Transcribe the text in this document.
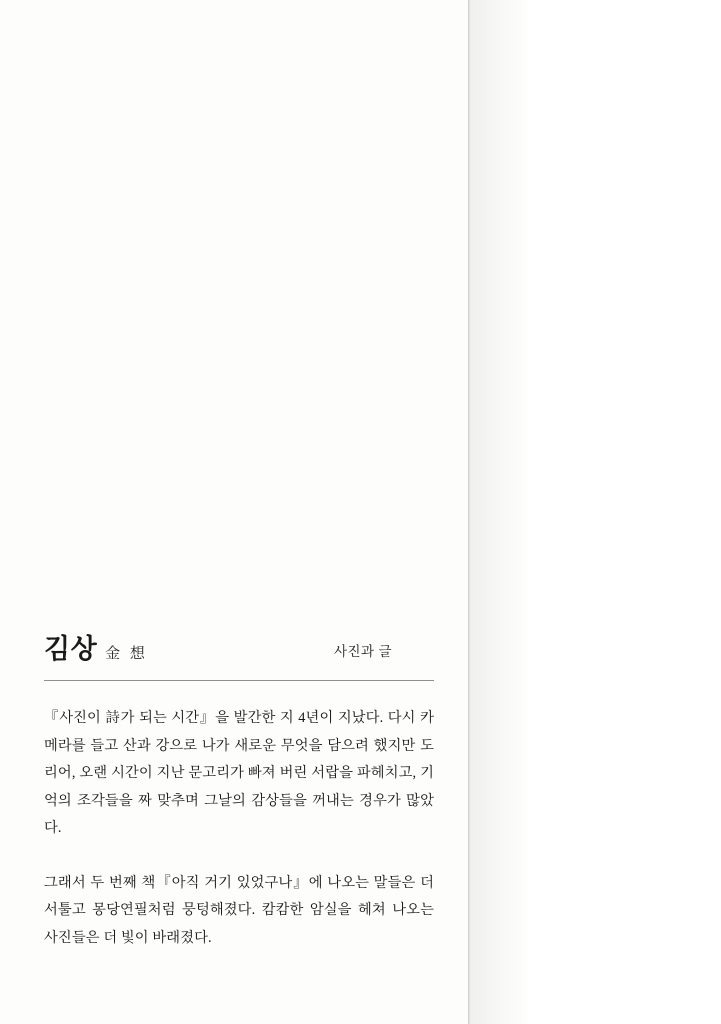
김상 金 想	사진과 글

『사진이 詩가 되는 시간』을 발간한 지 4년이 지났다. 다시 카메라를 들고 산과 강으로 나가 새로운 무엇을 담으려 했지만 도리어, 오랜 시간이 지난 문고리가 빠져 버린 서랍을 파헤치고, 기억의 조각들을 짜 맞추며 그날의 감상들을 꺼내는 경우가 많았다.

그래서 두 번째 책『아직 거기 있었구나』에 나오는 말들은 더 서툴고 몽당연필처럼 뭉텅해졌다. 캄캄한 암실을 헤쳐 나오는 사진들은 더 빛이 바래졌다.
